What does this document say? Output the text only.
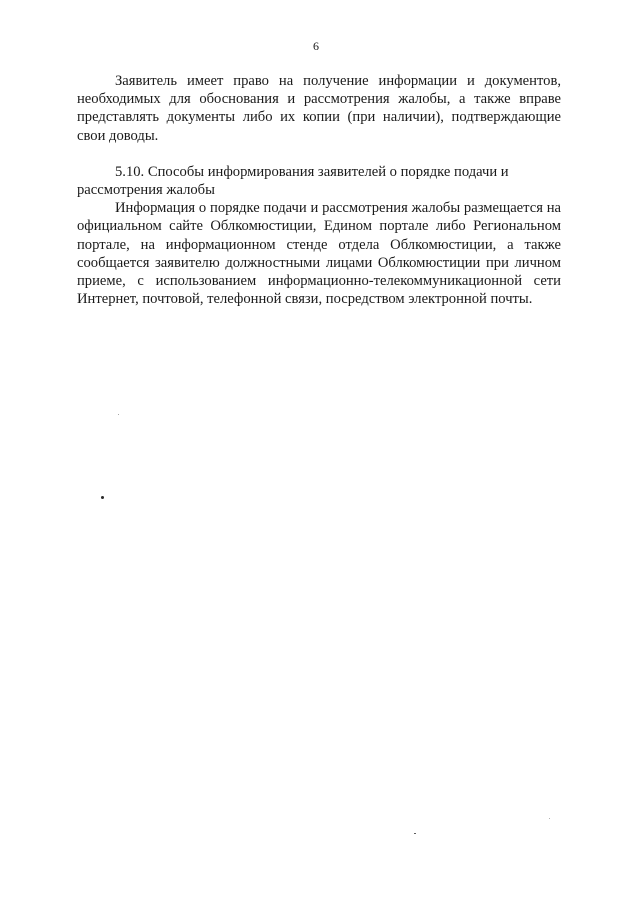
6

Заявитель имеет право на получение информации и документов, необходимых для обоснования и рассмотрения жалобы, а также вправе представлять документы либо их копии (при наличии), подтверждающие свои доводы.

5.10. Способы информирования заявителей о порядке подачи и рассмотрения жалобы

Информация о порядке подачи и рассмотрения жалобы размещается на официальном сайте Облкомюстиции, Едином портале либо Региональном портале, на информационном стенде отдела Облкомюстиции, а также сообщается заявителю должностными лицами Облкомюстиции при личном приеме, с использованием информационно-телекоммуникационной сети Интернет, почтовой, телефонной связи, посредством электронной почты.
